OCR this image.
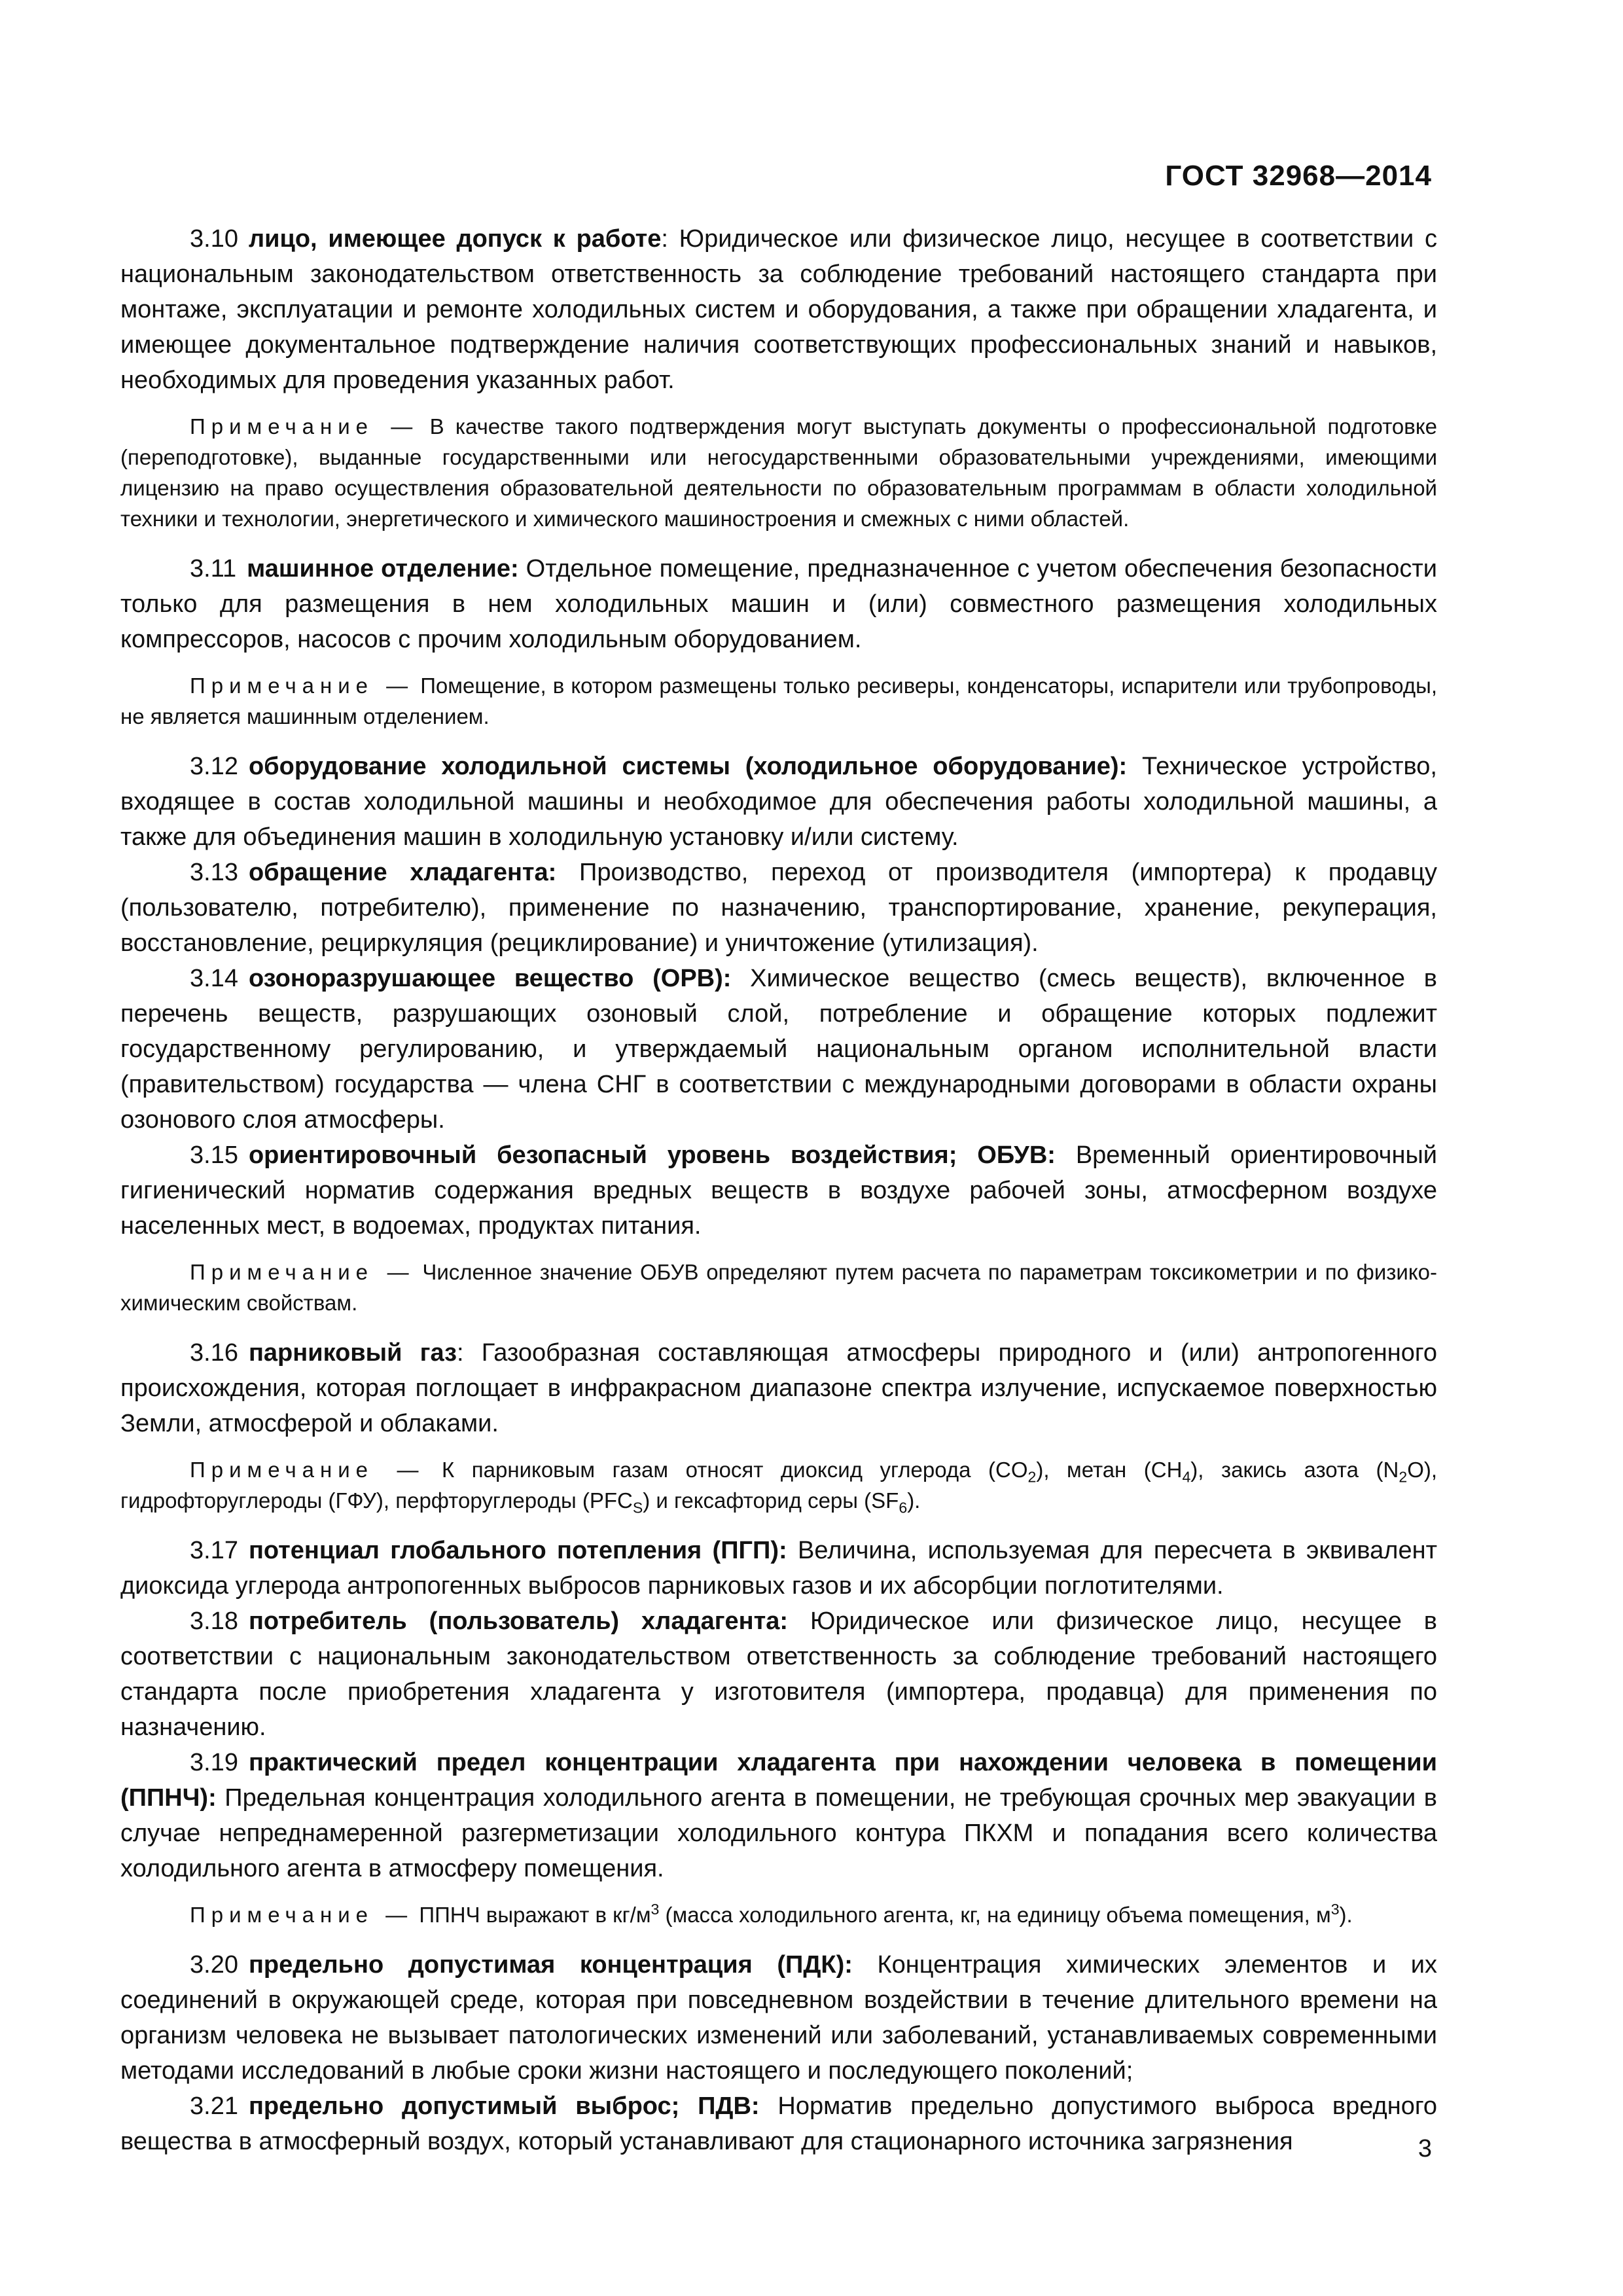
ГОСТ 32968—2014

3.10 лицо, имеющее допуск к работе: Юридическое или физическое лицо, несущее в соответствии с национальным законодательством ответственность за соблюдение требований настоящего стандарта при монтаже, эксплуатации и ремонте холодильных систем и оборудования, а также при обращении хладагента, и имеющее документальное подтверждение наличия соответствующих профессиональных знаний и навыков, необходимых для проведения указанных работ.

Примечание — В качестве такого подтверждения могут выступать документы о профессиональной подготовке (переподготовке), выданные государственными или негосударственными образовательными учреждениями, имеющими лицензию на право осуществления образовательной деятельности по образовательным программам в области холодильной техники и технологии, энергетического и химического машиностроения и смежных с ними областей.

3.11 машинное отделение: Отдельное помещение, предназначенное с учетом обеспечения безопасности только для размещения в нем холодильных машин и (или) совместного размещения холодильных компрессоров, насосов с прочим холодильным оборудованием.

Примечание — Помещение, в котором размещены только ресиверы, конденсаторы, испарители или трубопроводы, не является машинным отделением.

3.12 оборудование холодильной системы (холодильное оборудование): Техническое устройство, входящее в состав холодильной машины и необходимое для обеспечения работы холодильной машины, а также для объединения машин в холодильную установку и/или систему.

3.13 обращение хладагента: Производство, переход от производителя (импортера) к продавцу (пользователю, потребителю), применение по назначению, транспортирование, хранение, рекуперация, восстановление, рециркуляция (рециклирование) и уничтожение (утилизация).

3.14 озоноразрушающее вещество (ОРВ): Химическое вещество (смесь веществ), включенное в перечень веществ, разрушающих озоновый слой, потребление и обращение которых подлежит государственному регулированию, и утверждаемый национальным органом исполнительной власти (правительством) государства — члена СНГ в соответствии с международными договорами в области охраны озонового слоя атмосферы.

3.15 ориентировочный безопасный уровень воздействия; ОБУВ: Временный ориентировочный гигиенический норматив содержания вредных веществ в воздухе рабочей зоны, атмосферном воздухе населенных мест, в водоемах, продуктах питания.

Примечание — Численное значение ОБУВ определяют путем расчета по параметрам токсикометрии и по физико-химическим свойствам.

3.16 парниковый газ: Газообразная составляющая атмосферы природного и (или) антропогенного происхождения, которая поглощает в инфракрасном диапазоне спектра излучение, испускаемое поверхностью Земли, атмосферой и облаками.

Примечание — К парниковым газам относят диоксид углерода $(CO_2)$, метан $(CH_4)$, закись азота $(N_2O)$, гидрофторуглероды (ГФУ), перфторуглероды $(PFC_S)$ и гексафторид серы $(SF_6)$.

3.17 потенциал глобального потепления (ПГП): Величина, используемая для пересчета в эквивалент диоксида углерода антропогенных выбросов парниковых газов и их абсорбции поглотителями.

3.18 потребитель (пользователь) хладагента: Юридическое или физическое лицо, несущее в соответствии с национальным законодательством ответственность за соблюдение требований настоящего стандарта после приобретения хладагента у изготовителя (импортера, продавца) для применения по назначению.

3.19 практический предел концентрации хладагента при нахождении человека в помещении (ППНЧ): Предельная концентрация холодильного агента в помещении, не требующая срочных мер эвакуации в случае непреднамеренной разгерметизации холодильного контура ПКХМ и попадания всего количества холодильного агента в атмосферу помещения.

Примечание — ППНЧ выражают в $кг/м^3$ (масса холодильного агента, кг, на единицу объема помещения, $м^3$).

3.20 предельно допустимая концентрация (ПДК): Концентрация химических элементов и их соединений в окружающей среде, которая при повседневном воздействии в течение длительного времени на организм человека не вызывает патологических изменений или заболеваний, устанавливаемых современными методами исследований в любые сроки жизни настоящего и последующего поколений;

3.21 предельно допустимый выброс; ПДВ: Норматив предельно допустимого выброса вредного вещества в атмосферный воздух, который устанавливают для стационарного источника загрязнения	3
